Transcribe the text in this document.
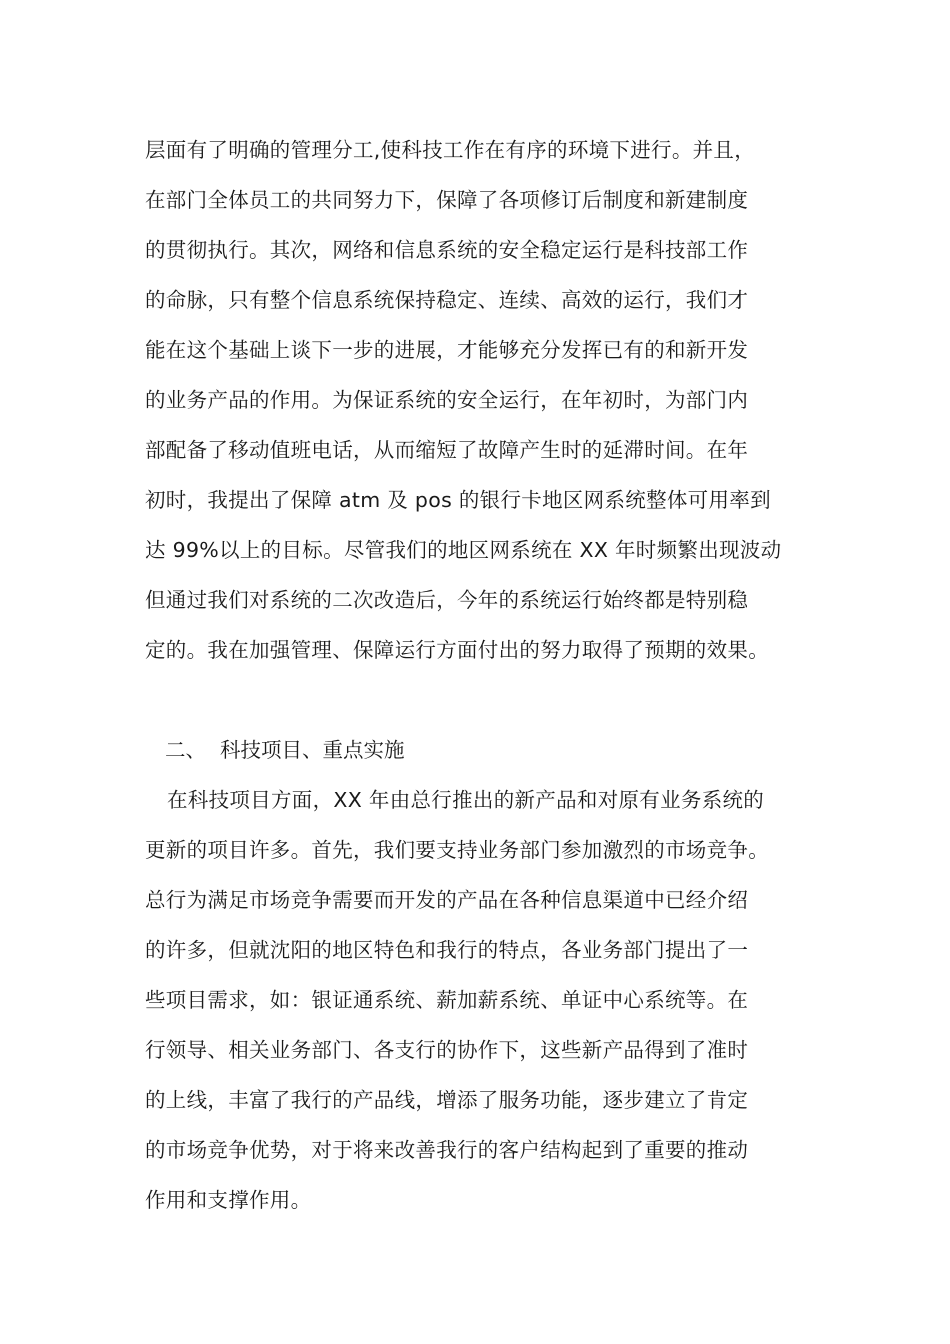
层面有了明确的管理分工,使科技工作在有序的环境下进行。并且，
在部门全体员工的共同努力下，保障了各项修订后制度和新建制度
的贯彻执行。其次，网络和信息系统的安全稳定运行是科技部工作
的命脉，只有整个信息系统保持稳定、连续、高效的运行，我们才
能在这个基础上谈下一步的进展，才能够充分发挥已有的和新开发
的业务产品的作用。为保证系统的安全运行，在年初时，为部门内
部配备了移动值班电话，从而缩短了故障产生时的延滞时间。在年
初时，我提出了保障 atm 及 pos 的银行卡地区网系统整体可用率到
达 99%以上的目标。尽管我们的地区网系统在 XX 年时频繁出现波动
但通过我们对系统的二次改造后，今年的系统运行始终都是特别稳
定的。我在加强管理、保障运行方面付出的努力取得了预期的效果。
二、 科技项目、重点实施
在科技项目方面，XX 年由总行推出的新产品和对原有业务系统的
更新的项目许多。首先，我们要支持业务部门参加激烈的市场竞争。
总行为满足市场竞争需要而开发的产品在各种信息渠道中已经介绍
的许多，但就沈阳的地区特色和我行的特点，各业务部门提出了一
些项目需求，如：银证通系统、薪加薪系统、单证中心系统等。在
行领导、相关业务部门、各支行的协作下，这些新产品得到了准时
的上线，丰富了我行的产品线，增添了服务功能，逐步建立了肯定
的市场竞争优势，对于将来改善我行的客户结构起到了重要的推动
作用和支撑作用。
